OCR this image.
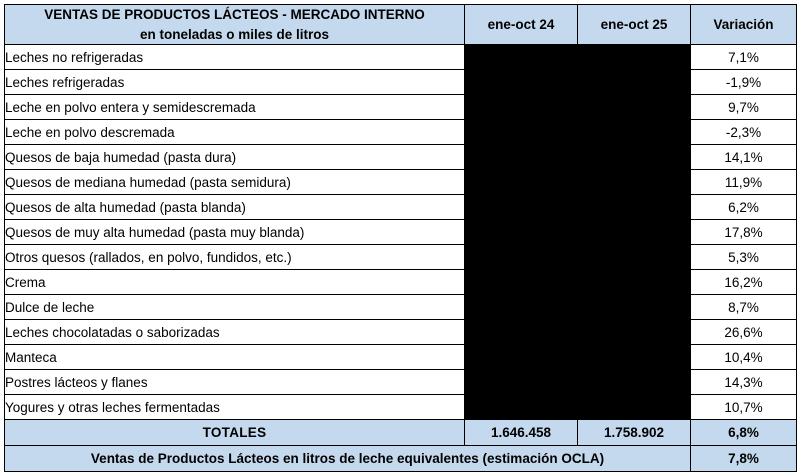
VENTAS DE PRODUCTOS LÁCTEOS - MERCADO INTERNO
en toneladas o miles de litros	ene-oct 24	ene-oct 25	Variación
Leches no refrigeradas			7,1%
Leches refrigeradas			-1,9%
Leche en polvo entera y semidescremada			9,7%
Leche en polvo descremada			-2,3%
Quesos de baja humedad (pasta dura)			14,1%
Quesos de mediana humedad (pasta semidura)			11,9%
Quesos de alta humedad (pasta blanda)			6,2%
Quesos de muy alta humedad (pasta muy blanda)			17,8%
Otros quesos (rallados, en polvo, fundidos, etc.)			5,3%
Crema			16,2%
Dulce de leche			8,7%
Leches chocolatadas o saborizadas			26,6%
Manteca			10,4%
Postres lácteos y flanes			14,3%
Yogures y otras leches fermentadas			10,7%
TOTALES	1.646.458	1.758.902	6,8%
Ventas de Productos Lácteos en litros de leche equivalentes (estimación OCLA)			7,8%
